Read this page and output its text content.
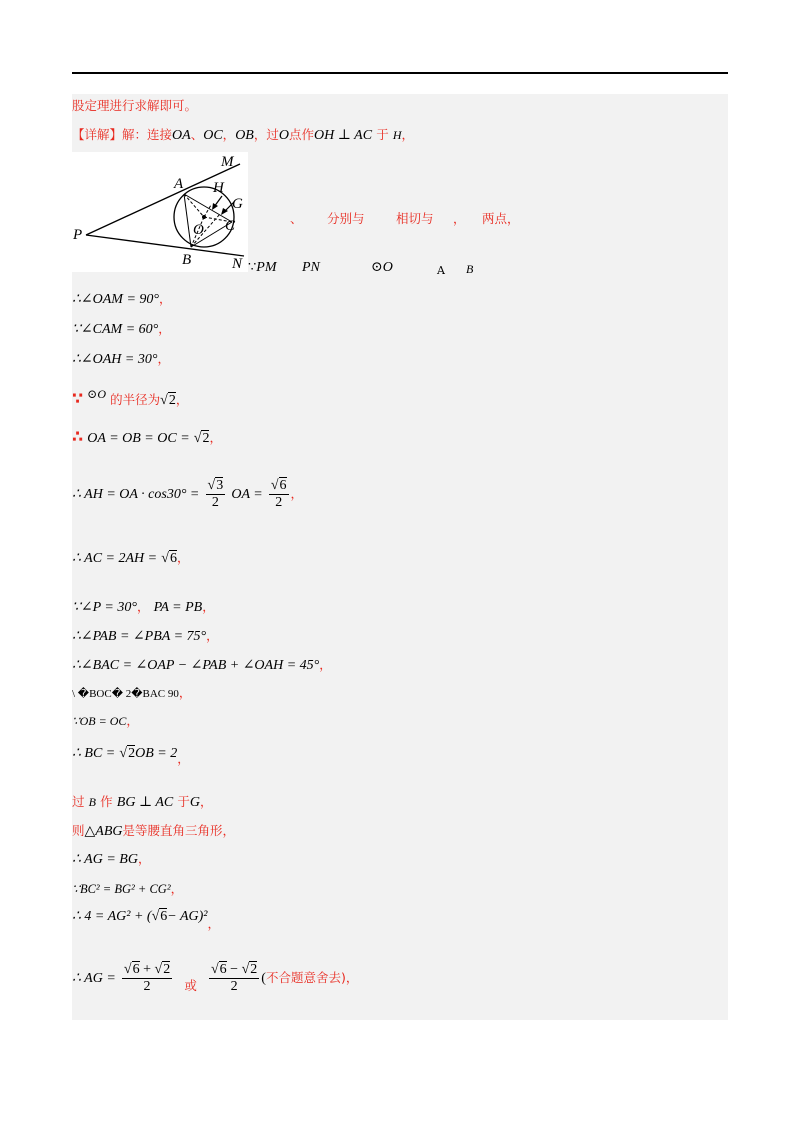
股定理进行求解即可。
【详解】解：连接OA、OC，OB，过O点作OH ⊥ AC 于 H，
M
A H
G
C
O
P
B	N
、 分别与	相切与 ， 两点，
∵PM PN	⊙O	A B
∴∠OAM = 90°，
∵∠CAM = 60°，
∴∠OAH = 30°，
∵ ⊙O 的半径为√2，
∴ OA = OB = OC = √2，
∴ AH = OA · $\cos 30^\circ = \frac{√3}{2}$ OA = $\frac{√6}{2}$ ，
∴ AC = 2AH = √6，
∵∠P = 30°， PA = PB，
∴∠PAB = ∠PBA = 75°，
∴∠BAC = ∠OAP − ∠PAB + ∠OAH = 45°，
\ �BOC� 2�BAC 90，
∵OB = OC，
∴ BC = √2OB = 2，
过 B 作 BG ⊥ AC 于G，
则△ABG是等腰直角三角形，
∴ AG = BG，
∵BC² = BG² + CG²，
∴ 4 = AG² + (√6− AG)²，
∴ AG = $\frac{√6 + √2}{2}$ 或 $\frac{√6 - √2}{2}$ (不合题意舍去)，
